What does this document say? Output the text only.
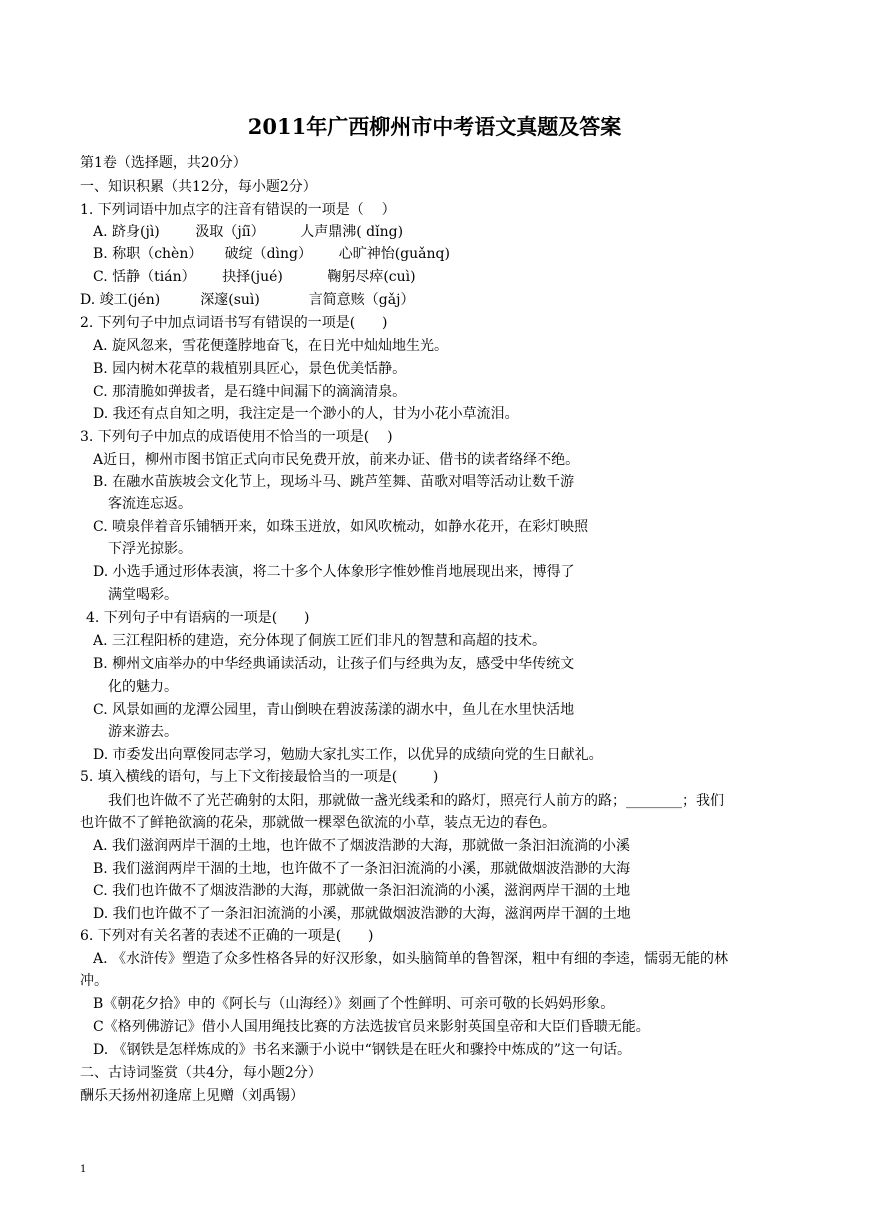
2011年广西柳州市中考语文真题及答案
第1卷（选择题，共20分）
一、知识积累（共12分，每小题2分）
1. 下列词语中加点字的注音有错误的一项是（    ）
A. 跻身(jì)        汲取（jíī）        人声鼎沸( dǐng)
B. 称职（chèn）     破绽（dìng）      心旷神怡(guǎnq)
C. 恬静（tián）      抉择(jué)          鞠躬尽瘁(cuì)
D. 竣工(jén)         深邃(suì)           言简意赅（gǎj）
2. 下列句子中加点词语书写有错误的一项是(      )
A. 旋风忽来，雪花便蓬脖地奋飞，在日光中灿灿地生光。
B. 园内树木花草的栽植别具匠心，景色优美恬静。
C. 那清脆如弹拔者，是石缝中间漏下的滴滴清泉。
D. 我还有点自知之明，我注定是一个渺小的人，甘为小花小草流泪。
3. 下列句子中加点的成语使用不恰当的一项是(    )
A近日，柳州市图书馆正式向市民免费开放，前来办证、借书的读者络绎不绝。
B. 在融水苗族坡会文化节上，现场斗马、跳芦笙舞、苗歌对唱等活动让数千游
客流连忘返。
C. 喷泉伴着音乐铺牺开来，如珠玉迸放，如风吹梳动，如静水花开，在彩灯映照
下浮光掠影。
D. 小选手通过形体表演，将二十多个人体象形字惟妙惟肖地展现出来，博得了
满堂喝彩。
4. 下列句子中有语病的一项是(      )
A. 三江程阳桥的建造，充分体现了侗族工匠们非凡的智慧和高超的技术。
B. 柳州文庙举办的中华经典诵读活动，让孩子们与经典为友，感受中华传统文
化的魅力。
C. 风景如画的龙潭公园里，青山倒映在碧波荡漾的湖水中，鱼儿在水里快活地
游来游去。
D. 市委发出向覃俊同志学习，勉励大家扎实工作，以优异的成绩向党的生日献礼。
5. 填入横线的语句，与上下文衔接最恰当的一项是(        )
我们也许做不了光芒确射的太阳，那就做一盏光线柔和的路灯，照亮行人前方的路；________；我们
也许做不了鲜艳欲滴的花朵，那就做一棵翠色欲流的小草，装点无边的春色。
A. 我们滋润两岸干涸的土地，也许做不了烟波浩渺的大海，那就做一条汩汩流淌的小溪
B. 我们滋润两岸干涸的土地，也许做不了一条汩汩流淌的小溪，那就做烟波浩渺的大海
C. 我们也许做不了烟波浩渺的大海，那就做一条汩汩流淌的小溪，滋润两岸干涸的土地
D. 我们也许做不了一条汩汩流淌的小溪，那就做烟波浩渺的大海，滋润两岸干涸的土地
6. 下列对有关名著的表述不正确的一项是(      )
A. 《水浒传》塑造了众多性格各异的好汉形象，如头脑简单的鲁智深，粗中有细的李逵，懦弱无能的林
冲。
B《朝花夕拾》申的《阿长与（山海经）》刻画了个性鲜明、可亲可敬的长妈妈形象。
C《格列佛游记》借小人国用绳技比赛的方法选拔官员来影射英国皇帝和大臣们昏聩无能。
D. 《钢铁是怎样炼成的》书名来灏于小说中“钢铁是在旺火和骤拎中炼成的”这一句话。
二、古诗词鉴赏（共4分，每小题2分）
酬乐天扬州初逢席上见赠（刘禹锡）
1
